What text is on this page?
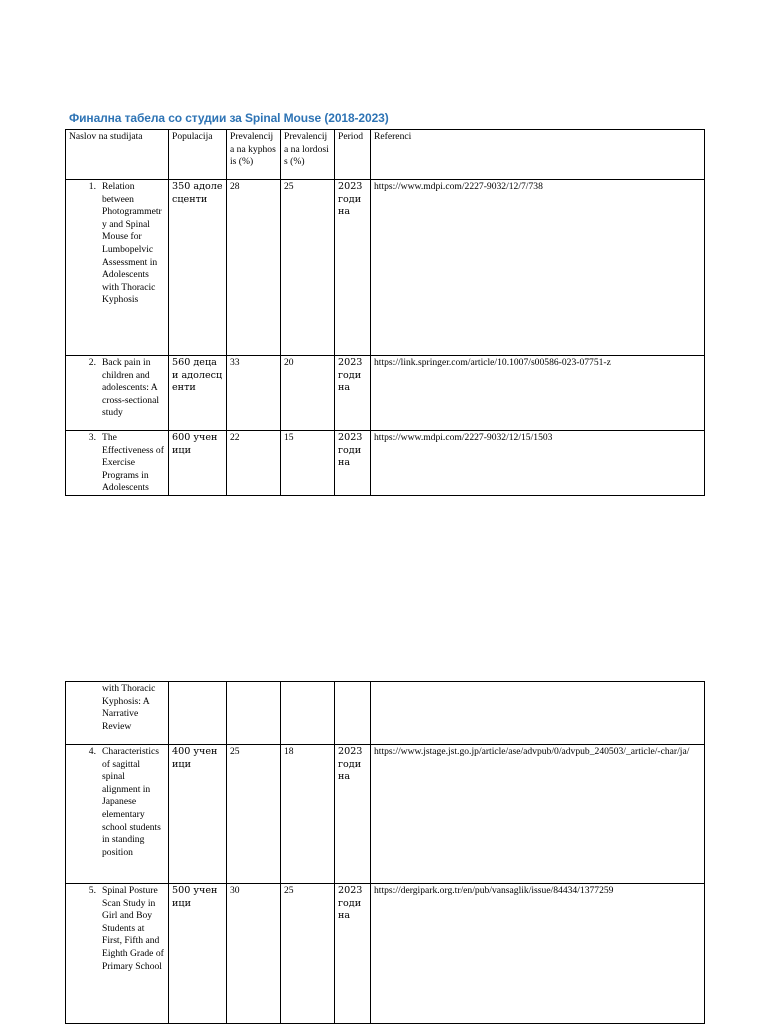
Финална табела со студии за Spinal Mouse (2018-2023)
Naslov na studijata	Populacija	Prevalencija na kyphosis (%)	Prevalencija na lordosis (%)	Period	Referenci

1. Relation between Photogrammetry and Spinal Mouse for Lumbopelvic Assessment in Adolescents with Thoracic Kyphosis	350 адолесценти	28	25	2023 година	https://www.mdpi.com/2227-9032/12/7/738

2. Back pain in children and adolescents: A cross-sectional study	560 деца и адолесценти	33	20	2023 година	https://link.springer.com/article/10.1007/s00586-023-07751-z

3. The Effectiveness of Exercise Programs in Adolescents	600 ученици	22	15	2023 година	https://www.mdpi.com/2227-9032/12/15/1503
with Thoracic Kyphosis: A Narrative Review					

4. Characteristics of sagittal spinal alignment in Japanese elementary school students in standing position	400 ученици	25	18	2023 година	https://www.jstage.jst.go.jp/article/ase/advpub/0/advpub_240503/_article/-char/ja/

5. Spinal Posture Scan Study in Girl and Boy Students at First, Fifth and Eighth Grade of Primary School	500 ученици	30	25	2023 година	https://dergipark.org.tr/en/pub/vansaglik/issue/84434/1377259
